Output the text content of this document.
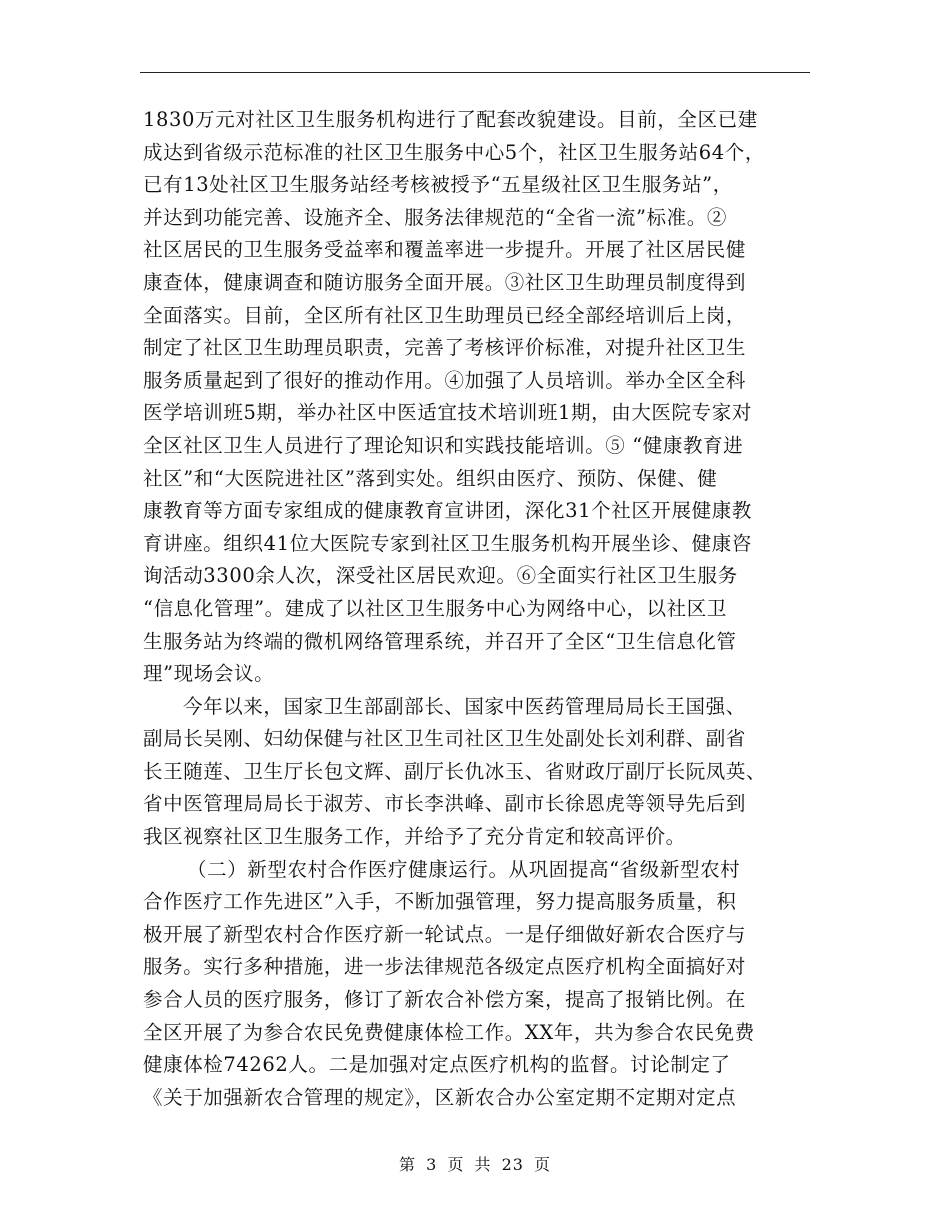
1830万元对社区卫生服务机构进行了配套改貌建设。目前，全区已建
成达到省级示范标准的社区卫生服务中心5个，社区卫生服务站64个，
已有13处社区卫生服务站经考核被授予“五星级社区卫生服务站”，
并达到功能完善、设施齐全、服务法律规范的“全省一流”标准。②
社区居民的卫生服务受益率和覆盖率进一步提升。开展了社区居民健
康查体，健康调查和随访服务全面开展。③社区卫生助理员制度得到
全面落实。目前，全区所有社区卫生助理员已经全部经培训后上岗，
制定了社区卫生助理员职责，完善了考核评价标准，对提升社区卫生
服务质量起到了很好的推动作用。④加强了人员培训。举办全区全科
医学培训班5期，举办社区中医适宜技术培训班1期，由大医院专家对
全区社区卫生人员进行了理论知识和实践技能培训。⑤ “健康教育进
社区”和“大医院进社区”落到实处。组织由医疗、预防、保健、健
康教育等方面专家组成的健康教育宣讲团，深化31个社区开展健康教
育讲座。组织41位大医院专家到社区卫生服务机构开展坐诊、健康咨
询活动3300余人次，深受社区居民欢迎。⑥全面实行社区卫生服务
“信息化管理”。建成了以社区卫生服务中心为网络中心，以社区卫
生服务站为终端的微机网络管理系统，并召开了全区“卫生信息化管
理”现场会议。
今年以来，国家卫生部副部长、国家中医药管理局局长王国强、
副局长吴刚、妇幼保健与社区卫生司社区卫生处副处长刘利群、副省
长王随莲、卫生厅长包文辉、副厅长仇冰玉、省财政厅副厅长阮凤英、
省中医管理局局长于淑芳、市长李洪峰、副市长徐恩虎等领导先后到
我区视察社区卫生服务工作，并给予了充分肯定和较高评价。
（二）新型农村合作医疗健康运行。从巩固提高“省级新型农村
合作医疗工作先进区”入手，不断加强管理，努力提高服务质量，积
极开展了新型农村合作医疗新一轮试点。一是仔细做好新农合医疗与
服务。实行多种措施，进一步法律规范各级定点医疗机构全面搞好对
参合人员的医疗服务，修订了新农合补偿方案，提高了报销比例。在
全区开展了为参合农民免费健康体检工作。XX年，共为参合农民免费
健康体检74262人。二是加强对定点医疗机构的监督。讨论制定了
《关于加强新农合管理的规定》，区新农合办公室定期不定期对定点
第 3 页 共 23 页
